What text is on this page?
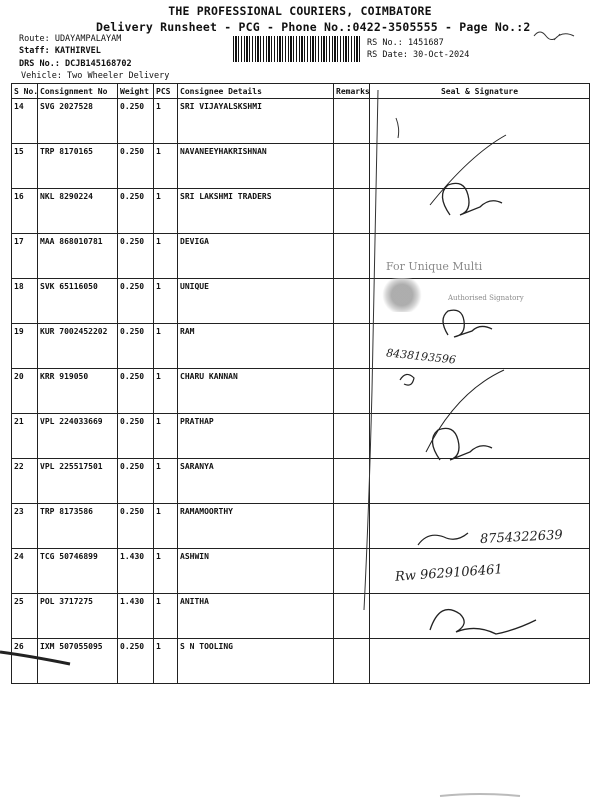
THE PROFESSIONAL COURIERS, COIMBATORE
Delivery Runsheet - PCG - Phone No.:0422-3505555 - Page No.:2
Route: UDAYAMPALAYAM
Staff: KATHIRVEL
DRS No.: DCJB145168702
Vehicle: Two Wheeler Delivery
RS No.: 1451687
RS Date: 30-Oct-2024
S No.	Consignment No	Weight	PCS	Consignee Details	Remarks	Seal & Signature
14	SVG 2027528	0.250	1	SRI VIJAYALSKSHMI		
15	TRP 8170165	0.250	1	NAVANEEYHAKRISHNAN		
16	NKL 8290224	0.250	1	SRI LAKSHMI TRADERS		
17	MAA 868010781	0.250	1	DEVIGA		
18	SVK 65116050	0.250	1	UNIQUE		
19	KUR 7002452202	0.250	1	RAM		
20	KRR 919050	0.250	1	CHARU KANNAN		
21	VPL 224033669	0.250	1	PRATHAP		
22	VPL 225517501	0.250	1	SARANYA		
23	TRP 8173586	0.250	1	RAMAMOORTHY		
24	TCG 50746899	1.430	1	ASHWIN		
25	POL 3717275	1.430	1	ANITHA		
26	IXM 507055095	0.250	1	S N TOOLING		
For Unique Multi
Authorised Signatory
8438193596
8754322639
Rw 9629106461
